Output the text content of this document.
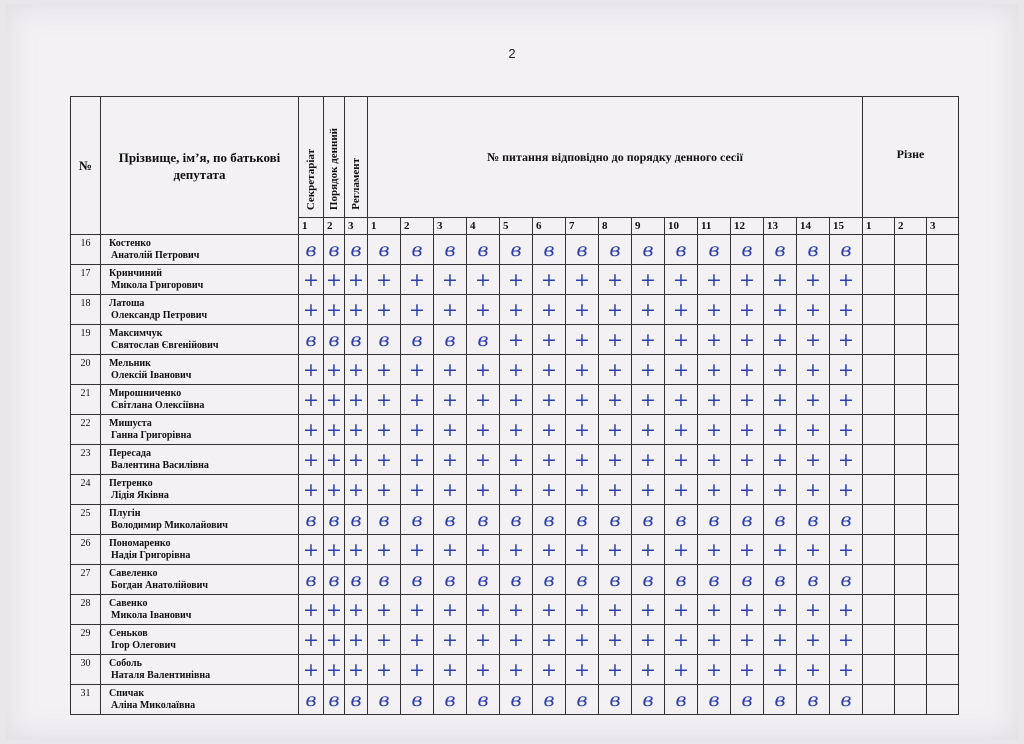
2
№	Прізвище, ім’я, по батькові
депутата	Секретаріат	Порядок денний	Регламент	№ питання відповідно до порядку денного сесії															Різне		
		1	2	3	1	2	3	4	5	6	7	8	9	10	11	12	13	14	15	1	2	3
16	Костенко
Анатолій Петрович	в	в	в	в	в	в	в	в	в	в	в	в	в	в	в	в	в	в			
17	Кринчиний
Микола Григорович	+	+	+	+	+	+	+	+	+	+	+	+	+	+	+	+	+	+			
18	Латоша
Олександр Петрович	+	+	+	+	+	+	+	+	+	+	+	+	+	+	+	+	+	+			
19	Максимчук
Святослав Євгенійович	в	в	в	в	в	в	в	+	+	+	+	+	+	+	+	+	+	+			
20	Мельник
Олексій Іванович	+	+	+	+	+	+	+	+	+	+	+	+	+	+	+	+	+	+			
21	Мирошниченко
Світлана Олексіївна	+	+	+	+	+	+	+	+	+	+	+	+	+	+	+	+	+	+			
22	Мишуста
Ганна Григорівна	+	+	+	+	+	+	+	+	+	+	+	+	+	+	+	+	+	+			
23	Пересада
Валентина Василівна	+	+	+	+	+	+	+	+	+	+	+	+	+	+	+	+	+	+			
24	Петренко
Лідія Яківна	+	+	+	+	+	+	+	+	+	+	+	+	+	+	+	+	+	+			
25	Плугін
Володимир Миколайович	в	в	в	в	в	в	в	в	в	в	в	в	в	в	в	в	в	в			
26	Пономаренко
Надія Григорівна	+	+	+	+	+	+	+	+	+	+	+	+	+	+	+	+	+	+			
27	Савеленко
Богдан Анатолійович	в	в	в	в	в	в	в	в	в	в	в	в	в	в	в	в	в	в			
28	Савенко
Микола Іванович	+	+	+	+	+	+	+	+	+	+	+	+	+	+	+	+	+	+			
29	Сеньков
Ігор Олегович	+	+	+	+	+	+	+	+	+	+	+	+	+	+	+	+	+	+			
30	Соболь
Наталя Валентинівна	+	+	+	+	+	+	+	+	+	+	+	+	+	+	+	+	+	+			
31	Спичак
Аліна Миколаївна	в	в	в	в	в	в	в	в	в	в	в	в	в	в	в	в	в	в			
